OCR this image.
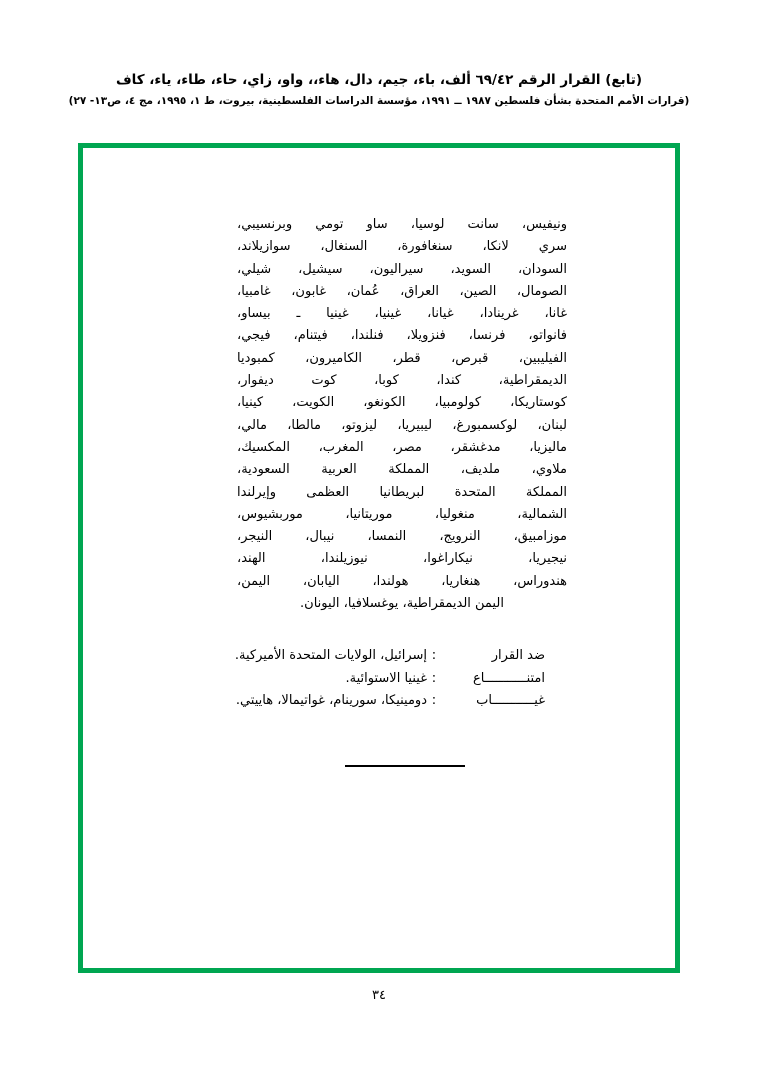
(تابع) القرار الرقم ٦٩/٤٢ ألف، باء، جيم، دال، هاء،، واو، زاي، حاء، طاء، ياء، كاف
(قرارات الأمم المتحدة بشأن فلسطين ١٩٨٧ ــ ١٩٩١، مؤسسة الدراسات الفلسطينية، بيروت، ط ١، ١٩٩٥، مج ٤، ص١٣- ٢٧)
ونيفيس، سانت لوسيا، ساو تومي وبرنسيبي،
سري لانكا، سنغافورة، السنغال، سوازيلاند،
السودان، السويد، سيراليون، سيشيل، شيلي،
الصومال، الصين، العراق، عُمان، غابون، غامبيا،
غانا، غرينادا، غيانا، غينيا، غينيا ـ بيساو،
فانواتو، فرنسا، فنزويلا، فنلندا، فيتنام، فيجي،
الفيليبين، قبرص، قطر، الكاميرون، كمبوديا
الديمقراطية، كندا، كوبا، كوت ديفوار،
كوستاريكا، كولومبيا، الكونغو، الكويت، كينيا،
لبنان، لوكسمبورغ، ليبيريا، ليزوتو، مالطا، مالي،
ماليزيا، مدغشقر، مصر، المغرب، المكسيك،
ملاوي، ملديف، المملكة العربية السعودية،
المملكة المتحدة لبريطانيا العظمى وإيرلندا
الشمالية، منغوليا، موريتانيا، موربشيوس،
موزامبيق، النرويج، النمسا، نيبال، النيجر،
نيجيريا، نيكاراغوا، نيوزيلندا، الهند،
هندوراس، هنغاريا، هولندا، اليابان، اليمن،
اليمن الديمقراطية، يوغسلافيا، اليونان.
ضد القرار
:
إسرائيل، الولايات المتحدة الأميركية.
امتنـــــــــــاع
:
غينيا الاستوائية.
غيـــــــــــاب
:
دومينيكا، سورينام، غواتيمالا، هاييتي.
٣٤
